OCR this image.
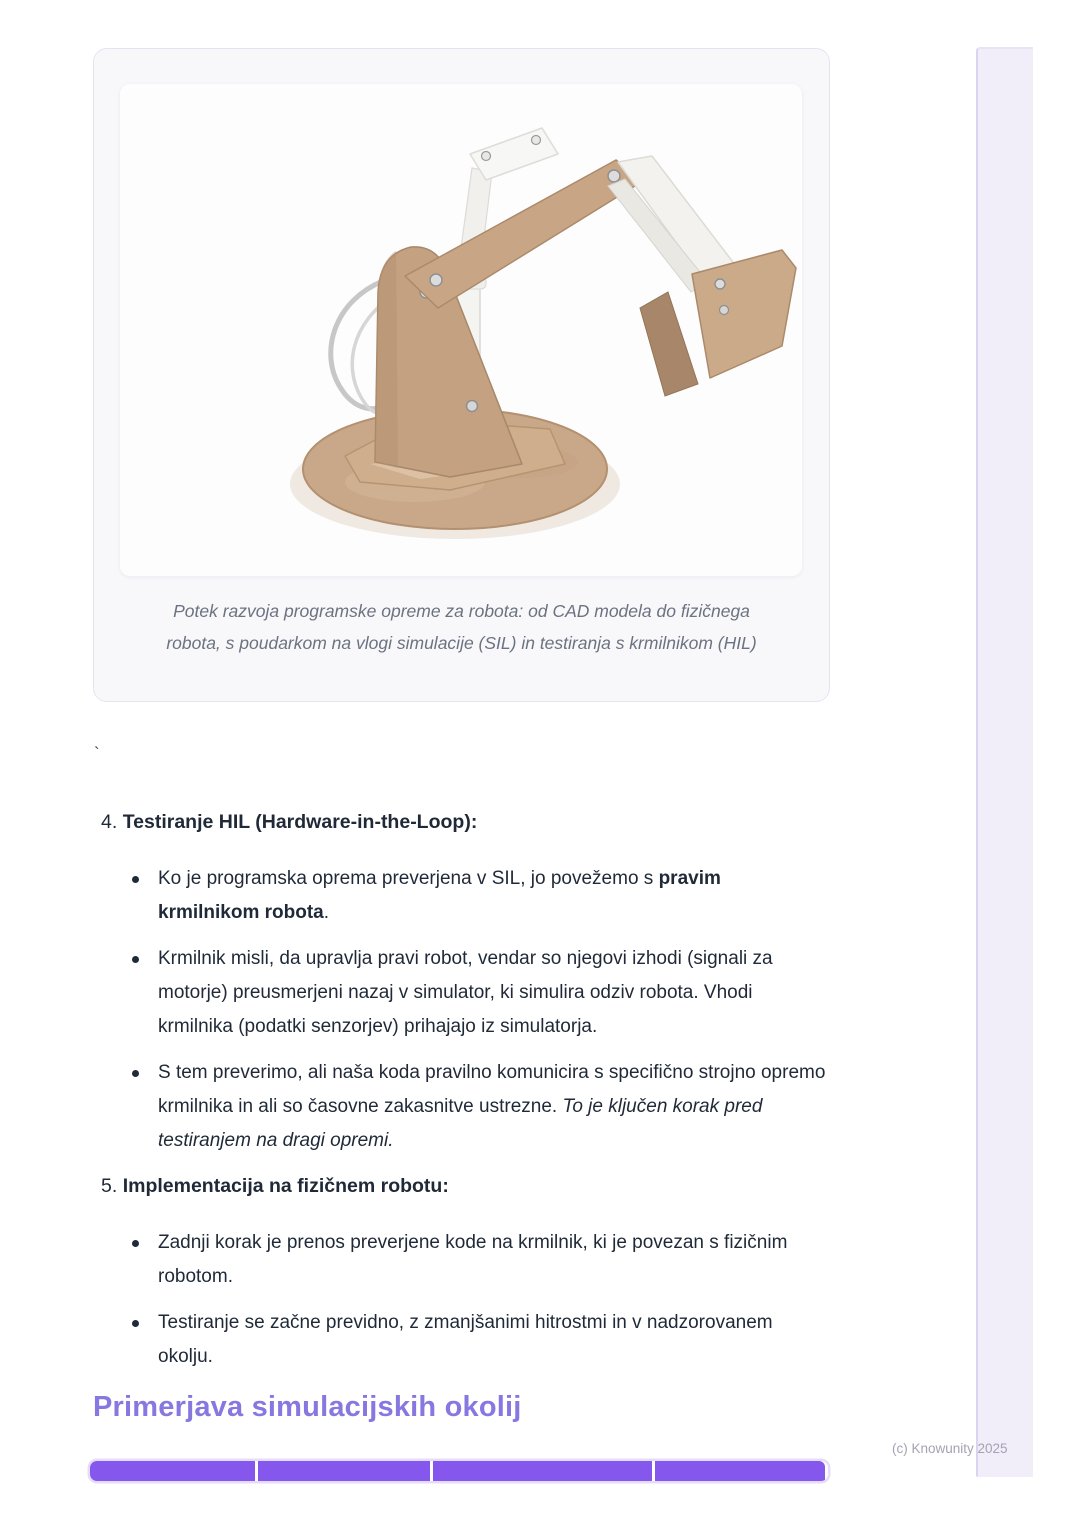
Potek razvoja programske opreme za robota: od CAD modela do fizičnega
robota, s poudarkom na vlogi simulacije (SIL) in testiranja s krmilnikom (HIL)
`

4. Testiranje HIL (Hardware-in-the-Loop):

Ko je programska oprema preverjena v SIL, jo povežemo s pravim krmilnikom robota.
Krmilnik misli, da upravlja pravi robot, vendar so njegovi izhodi (signali za motorje) preusmerjeni nazaj v simulator, ki simulira odziv robota. Vhodi krmilnika (podatki senzorjev) prihajajo iz simulatorja.
S tem preverimo, ali naša koda pravilno komunicira s specifično strojno opremo krmilnika in ali so časovne zakasnitve ustrezne. To je ključen korak pred testiranjem na dragi opremi.

5. Implementacija na fizičnem robotu:

Zadnji korak je prenos preverjene kode na krmilnik, ki je povezan s fizičnim robotom.
Testiranje se začne previdno, z zmanjšanimi hitrostmi in v nadzorovanem okolju.
Primerjava simulacijskih okolij
(c) Knowunity 2025
